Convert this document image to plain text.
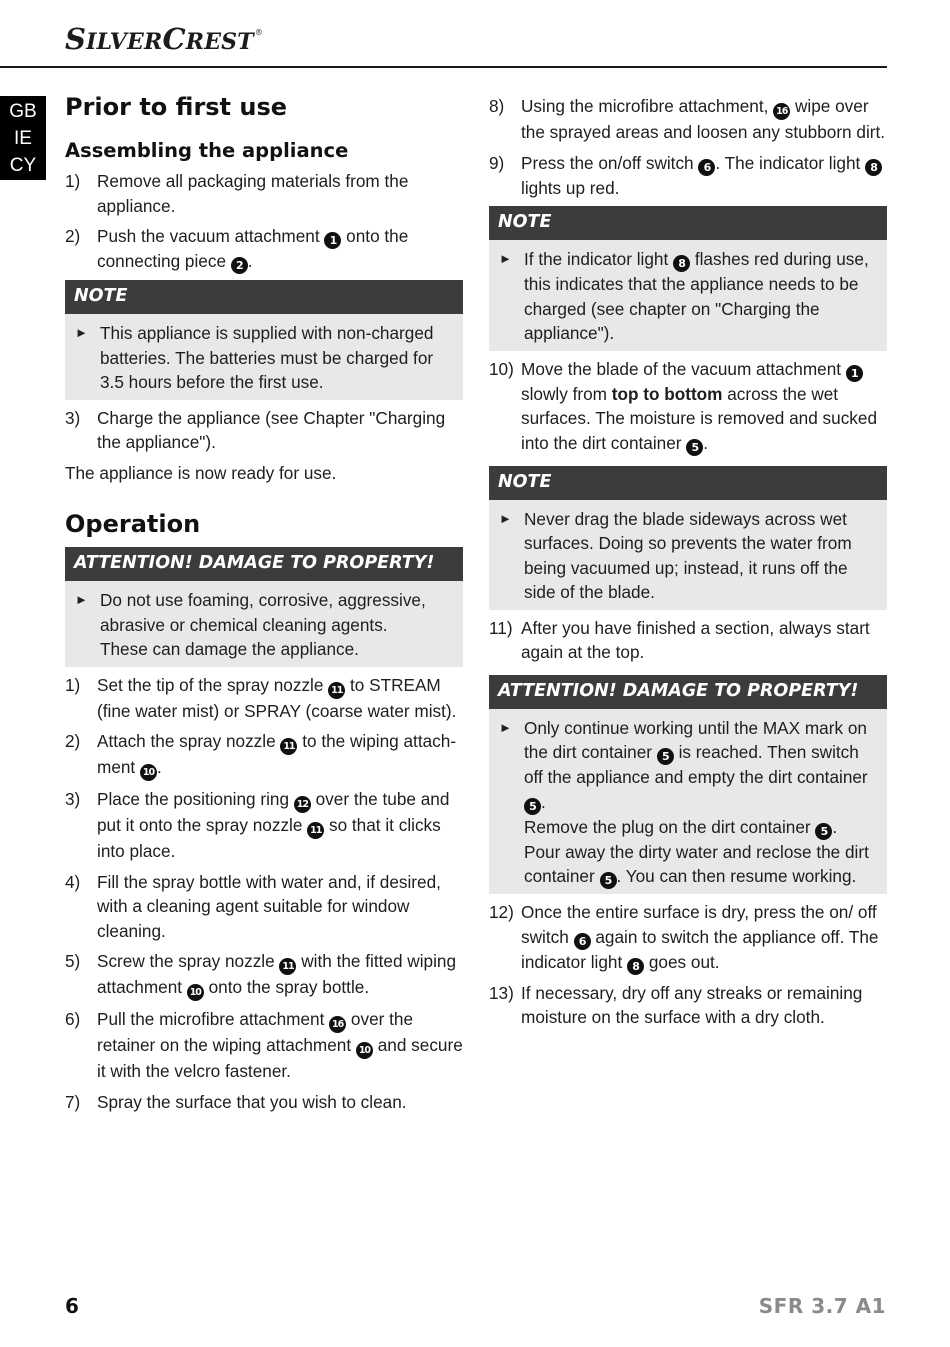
SILVERCREST®
GB
IE
CY
Prior to first use
Assembling the appliance
1) Remove all packaging materials from the appliance.
2) Push the vacuum attachment 1 onto the connecting piece 2 .
NOTE
► This appliance is supplied with non-charged batteries. The batteries must be charged for 3.5 hours before the first use.
3) Charge the appliance (see Chapter "Charging the appliance").
The appliance is now ready for use.
Operation
ATTENTION! DAMAGE TO PROPERTY!
► Do not use foaming, corrosive, aggressive, abrasive or chemical cleaning agents.
These can damage the appliance.
1) Set the tip of the spray nozzle 11 to STREAM (fine water mist) or SPRAY (coarse water mist).
2) Attach the spray nozzle 11 to the wiping attach- ment 10 .
3) Place the positioning ring 12 over the tube and put it onto the spray nozzle 11 so that it clicks into place.
4) Fill the spray bottle with water and, if desired, with a cleaning agent suitable for window cleaning.
5) Screw the spray nozzle 11 with the fitted wiping attachment 10 onto the spray bottle.
6) Pull the microfibre attachment 16 over the retainer on the wiping attachment 10 and secure it with the velcro fastener.
7) Spray the surface that you wish to clean.
8) Using the microfibre attachment, 16 wipe over the sprayed areas and loosen any stubborn dirt.
9) Press the on/off switch 6 . The indicator light 8 lights up red.
NOTE
► If the indicator light 8 flashes red during use, this indicates that the appliance needs to be charged (see chapter on "Charging the appliance").
10) Move the blade of the vacuum attachment 1 slowly from top to bottom across the wet surfaces. The moisture is removed and sucked into the dirt container 5 .
NOTE
► Never drag the blade sideways across wet surfaces. Doing so prevents the water from being vacuumed up; instead, it runs off the side of the blade.
11) After you have finished a section, always start again at the top.
ATTENTION! DAMAGE TO PROPERTY!
► Only continue working until the MAX mark on the dirt container 5 is reached. Then switch off the appliance and empty the dirt container 5 .
Remove the plug on the dirt container 5 .
Pour away the dirty water and reclose the dirt container 5 . You can then resume working.
12) Once the entire surface is dry, press the on/ off switch 6 again to switch the appliance off. The indicator light 8 goes out.
13) If necessary, dry off any streaks or remaining moisture on the surface with a dry cloth.
6	SFR 3.7 A1
